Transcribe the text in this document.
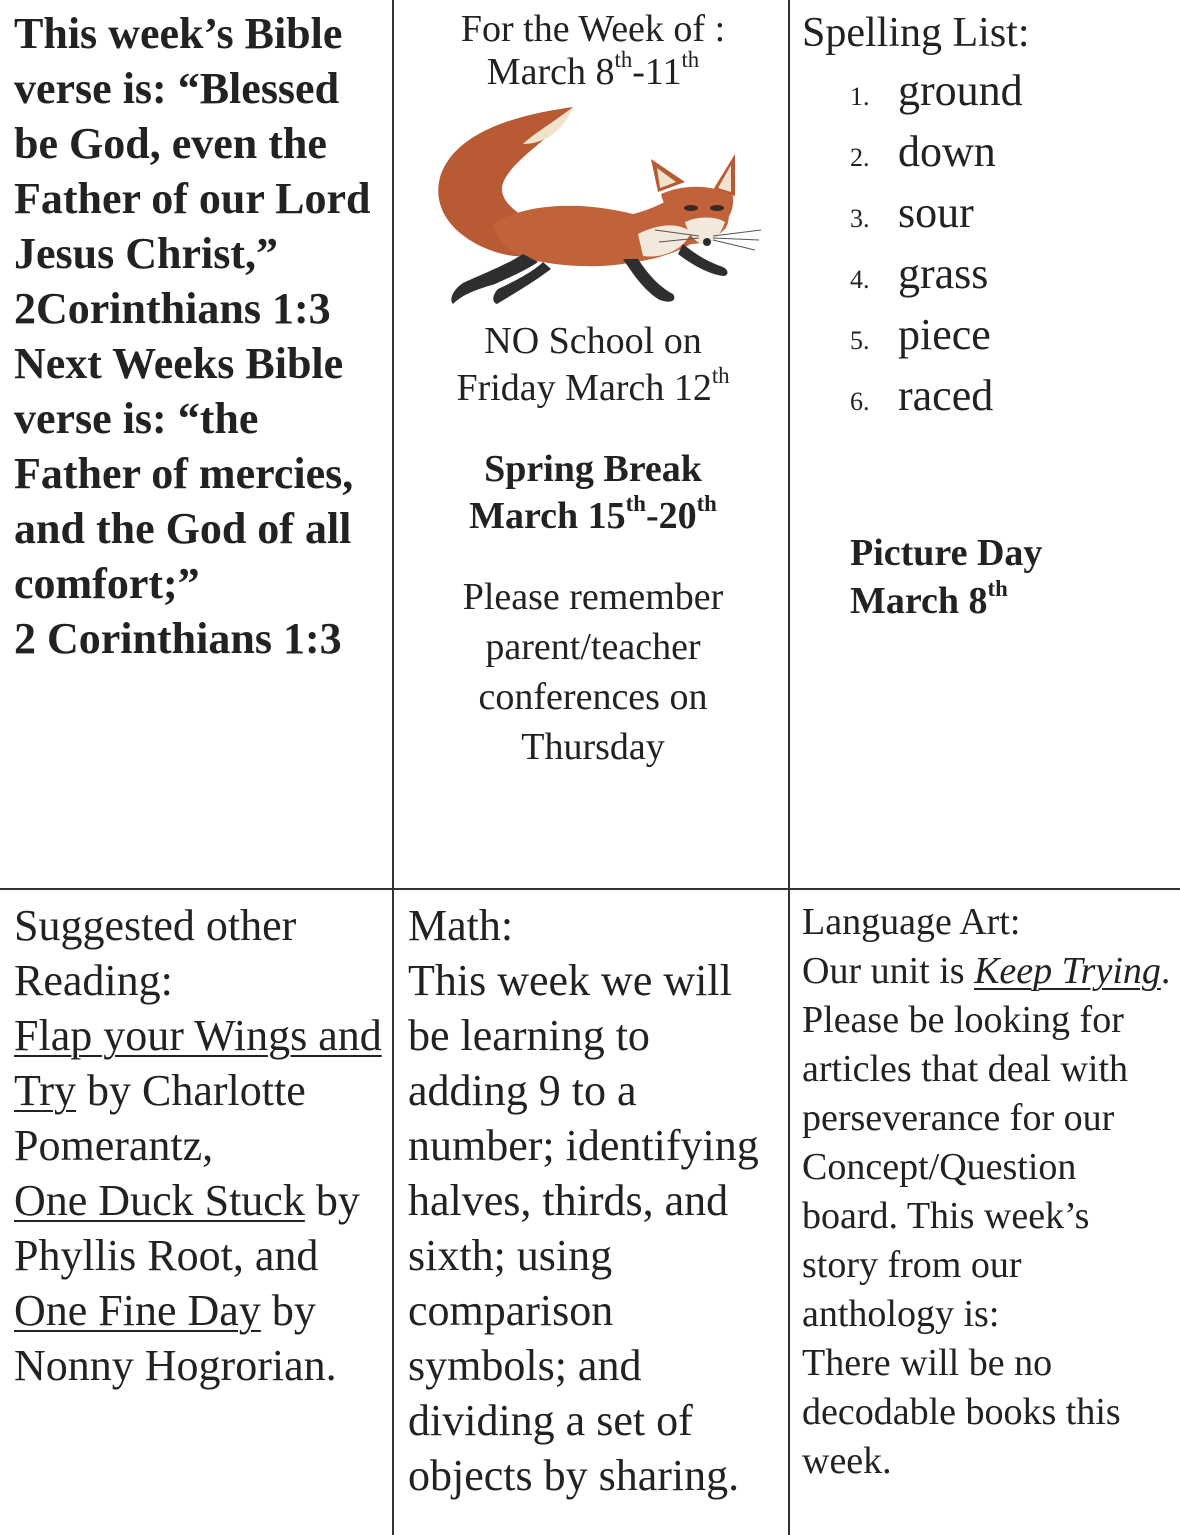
This week’s Bible verse is: “Blessed be God, even the Father of our Lord Jesus Christ,”
2Corinthians 1:3
Next Weeks Bible verse is: “the Father of mercies, and the God of all comfort;”
2 Corinthians 1:3
For the Week of :
March 8th-11th
NO School on
Friday March 12th
Spring Break
March 15th-20th
Please remember parent/teacher conferences on Thursday
Spelling List:
1. ground
2. down
3. sour
4. grass
5. piece
6. raced
Picture Day
March 8th
Suggested other Reading:
Flap your Wings and Try by Charlotte Pomerantz,
One Duck Stuck by Phyllis Root, and One Fine Day by Nonny Hogrorian.
Math:
This week we will be learning to adding 9 to a number; identifying halves, thirds, and sixth; using comparison symbols; and dividing a set of objects by sharing.
Language Art:
Our unit is Keep Trying. Please be looking for articles that deal with perseverance for our Concept/Question board. This week’s story from our anthology is:
There will be no decodable books this week.
